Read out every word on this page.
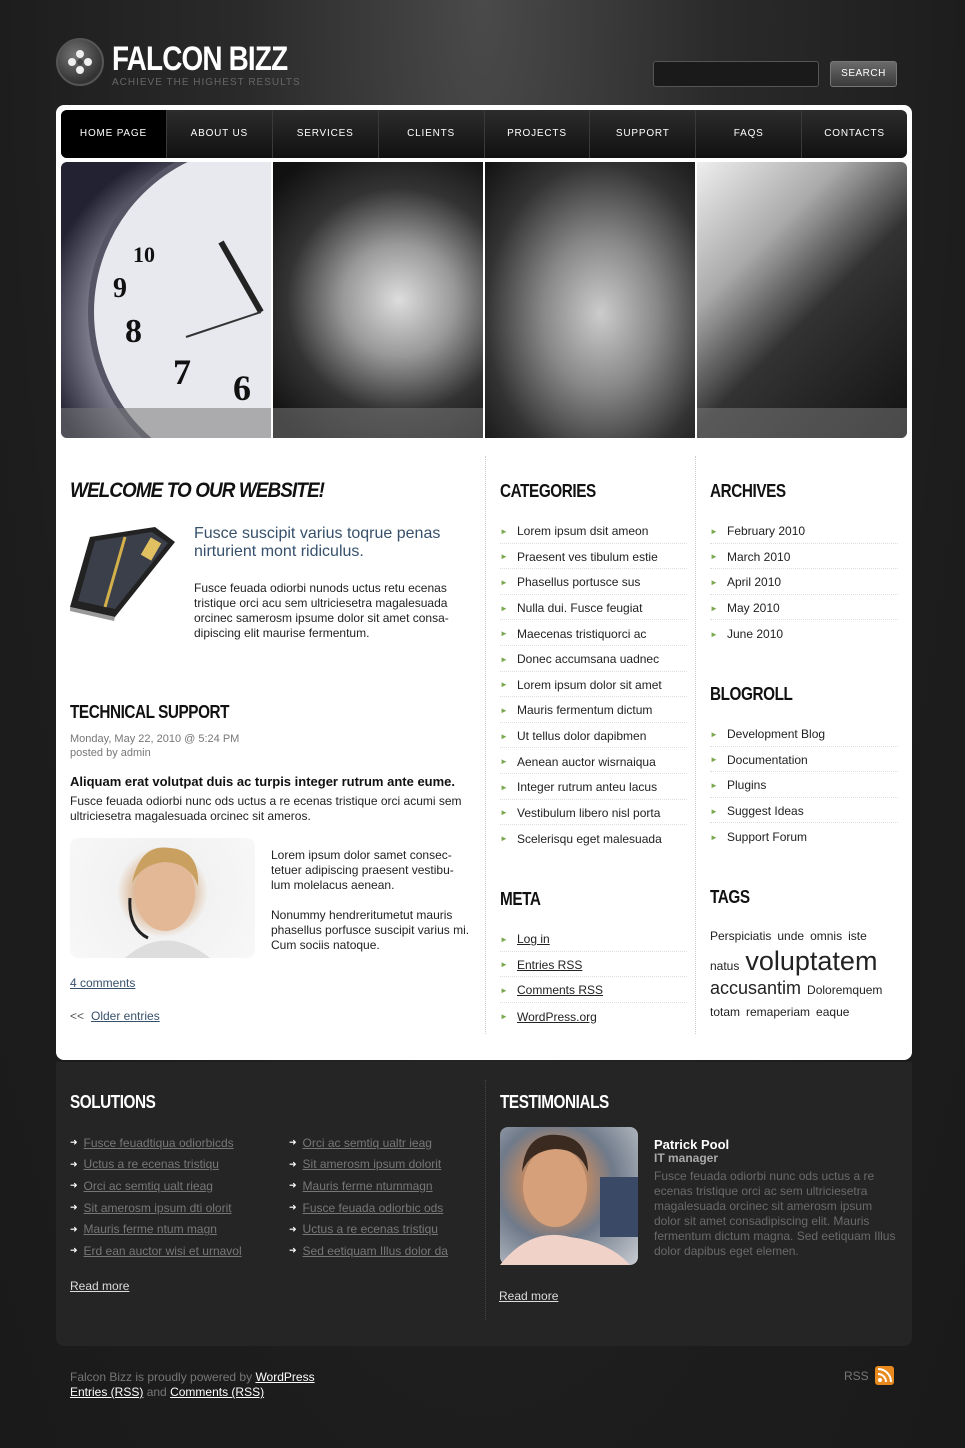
FALCON BIZZ
ACHIEVE THE HIGHEST RESULTS
SEARCH
HOME PAGE	ABOUT US	SERVICES	CLIENTS	PROJECTS	SUPPORT	FAQS	CONTACTS
10
9
8
7 6
WELCOME TO OUR WEBSITE!
Fusce suscipit varius toqrue penas nirturient mont ridiculus.
Fusce feuada odiorbi nunods uctus retu ecenas tristique orci acu sem ultriciesetra magalesuada orcinec samerosm ipsume dolor sit amet consa-dipiscing elit maurise fermentum.
TECHNICAL SUPPORT
Monday, May 22, 2010 @ 5:24 PM
posted by admin
Aliquam erat volutpat duis ac turpis integer rutrum ante eume.
Fusce feuada odiorbi nunc ods uctus a re ecenas tristique orci acumi sem ultriciesetra magalesuada orcinec sit ameros.
Lorem ipsum dolor samet consec-tetuer adipiscing praesent vestibu-lum molelacus aenean.
Nonummy hendreritumetut mauris phasellus porfusce suscipit varius mi. Cum sociis natoque.
4 comments
<< Older entries
CATEGORIES
► Lorem ipsum dsit ameon
► Praesent ves tibulum estie
► Phasellus portusce sus
► Nulla dui. Fusce feugiat
► Maecenas tristiquorci ac
► Donec accumsana uadnec
► Lorem ipsum dolor sit amet
► Mauris fermentum dictum
► Ut tellus dolor dapibmen
► Aenean auctor wisrnaiqua
► Integer rutrum anteu lacus
► Vestibulum libero nisl porta
► Scelerisqu eget malesuada
META
► Log in
► Entries RSS
► Comments RSS
► WordPress.org
ARCHIVES
► February 2010
► March 2010
► April 2010
► May 2010
► June 2010
BLOGROLL
► Development Blog
► Documentation
► Plugins
► Suggest Ideas
► Support Forum
TAGS
Perspiciatis unde omnis iste
natus voluptatem
accusantim Doloremquem
totam remaperiam eaque
SOLUTIONS
➜ Fusce feuadtiqua odiorbicds
➜ Uctus a re ecenas tristiqu
➜ Orci ac semtiq ualt rieag
➜ Sit amerosm ipsum dti olorit
➜ Mauris ferme ntum magn
➜ Erd ean auctor wisi et urnavol
➜ Orci ac semtiq ualtr ieag
➜ Sit amerosm ipsum dolorit
➜ Mauris ferme ntummagn
➜ Fusce feuada odiorbic ods
➜ Uctus a re ecenas tristiqu
➜ Sed eetiquam Illus dolor da
Read more
TESTIMONIALS
Patrick Pool
IT manager
Fusce feuada odiorbi nunc ods uctus a re ecenas tristique orci ac sem ultriciesetra magalesuada orcinec sit amerosm ipsum dolor sit amet consadipiscing elit. Mauris fermentum dictum magna. Sed eetiquam Illus dolor dapibus eget elemen.
Read more
Falcon Bizz is proudly powered by WordPress
Entries (RSS) and Comments (RSS)
RSS
